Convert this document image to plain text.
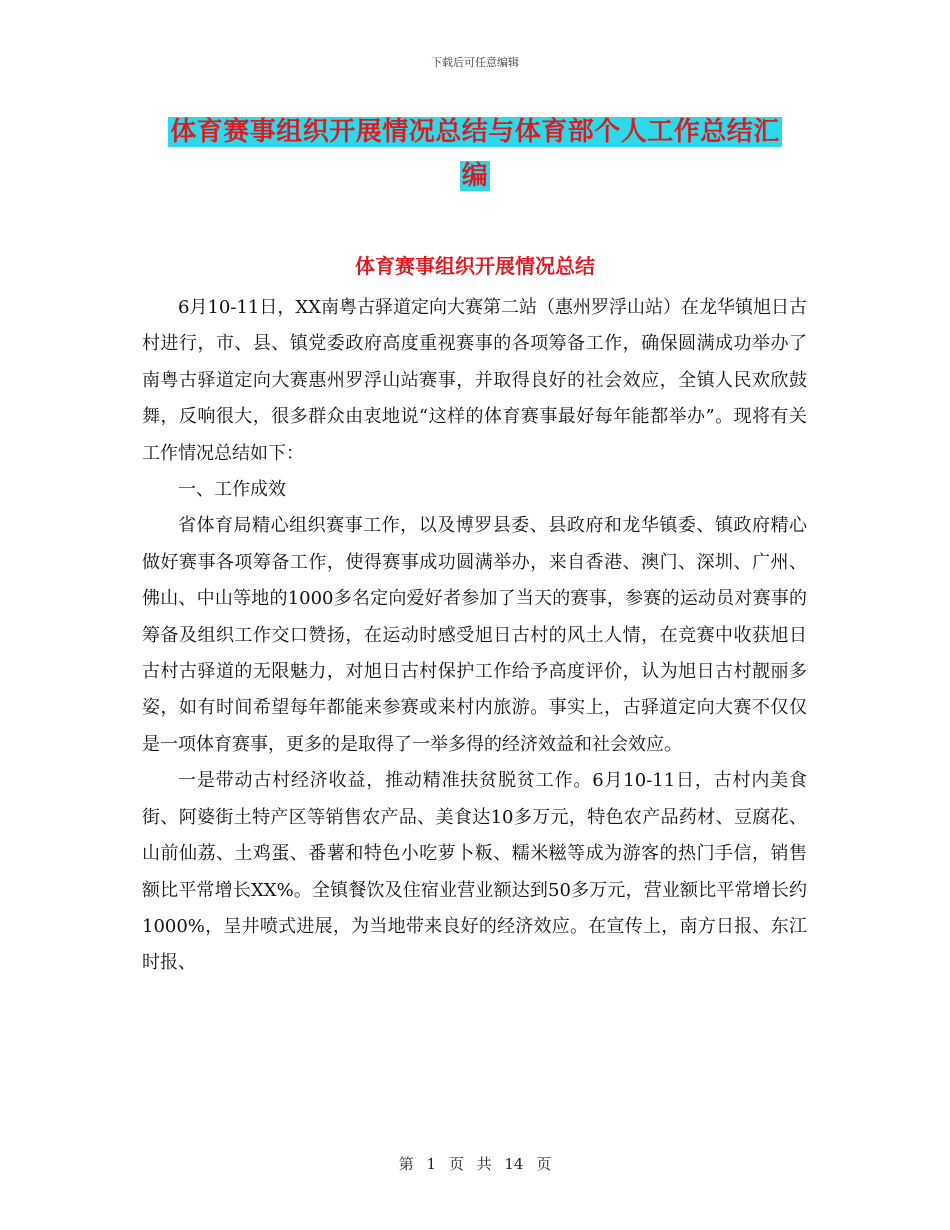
下载后可任意编辑
体育赛事组织开展情况总结与体育部个人工作总结汇
编
体育赛事组织开展情况总结

6月10-11日，XX南粤古驿道定向大赛第二站（惠州罗浮山站）在龙华镇旭日古村进行，市、县、镇党委政府高度重视赛事的各项筹备工作，确保圆满成功举办了南粤古驿道定向大赛惠州罗浮山站赛事，并取得良好的社会效应，全镇人民欢欣鼓舞，反响很大，很多群众由衷地说“这样的体育赛事最好每年能都举办”。现将有关工作情况总结如下：

一、工作成效

省体育局精心组织赛事工作，以及博罗县委、县政府和龙华镇委、镇政府精心做好赛事各项筹备工作，使得赛事成功圆满举办，来自香港、澳门、深圳、广州、佛山、中山等地的1000多名定向爱好者参加了当天的赛事，参赛的运动员对赛事的筹备及组织工作交口赞扬，在运动时感受旭日古村的风土人情，在竞赛中收获旭日古村古驿道的无限魅力，对旭日古村保护工作给予高度评价，认为旭日古村靓丽多姿，如有时间希望每年都能来参赛或来村内旅游。事实上，古驿道定向大赛不仅仅是一项体育赛事，更多的是取得了一举多得的经济效益和社会效应。

一是带动古村经济收益，推动精准扶贫脱贫工作。6月10-11日，古村内美食街、阿婆街土特产区等销售农产品、美食达10多万元，特色农产品药材、豆腐花、山前仙荔、土鸡蛋、番薯和特色小吃萝卜粄、糯米糍等成为游客的热门手信，销售额比平常增长XX%。全镇餐饮及住宿业营业额达到50多万元，营业额比平常增长约1000%，呈井喷式进展，为当地带来良好的经济效应。在宣传上，南方日报、东江时报、

第 1 页 共 14 页
